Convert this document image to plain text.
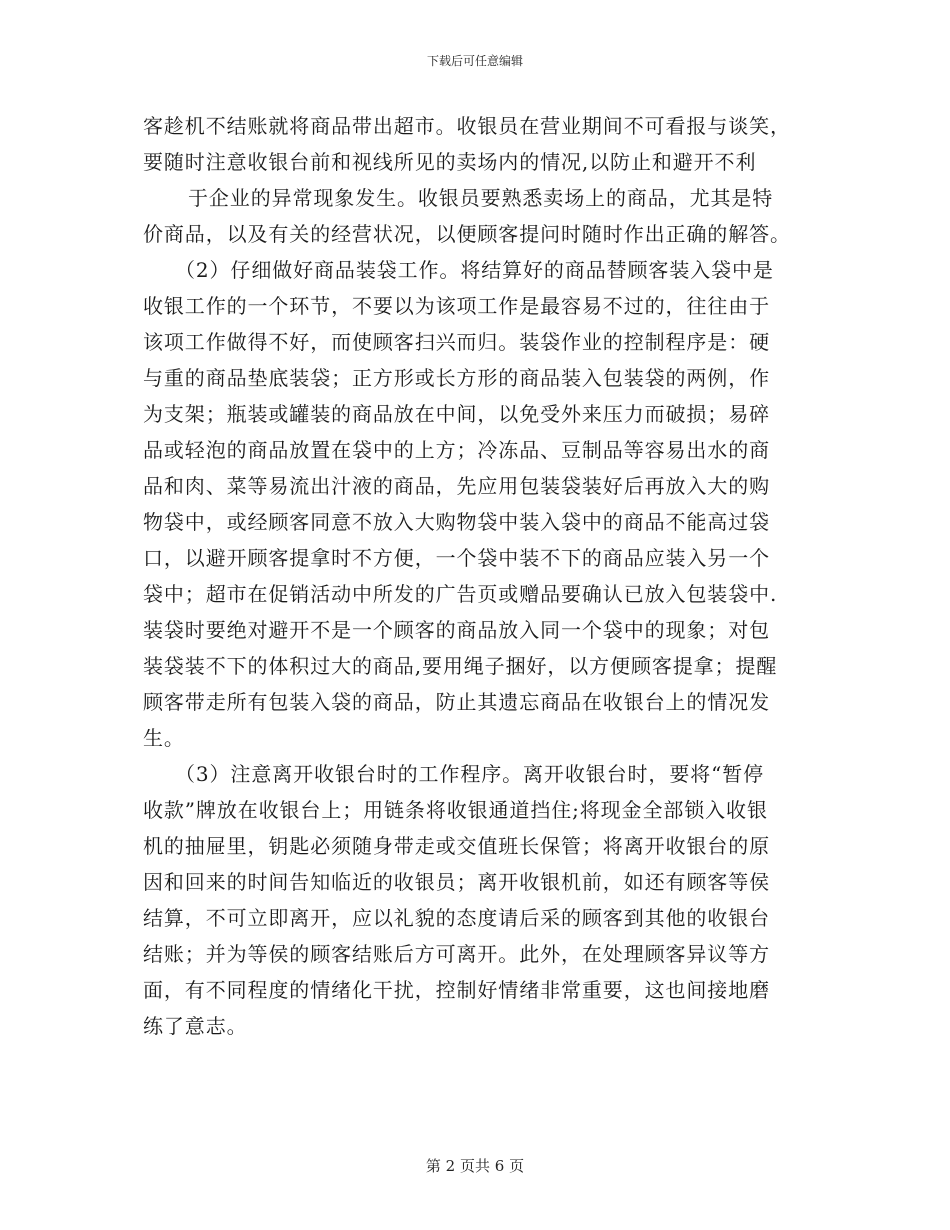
下载后可任意编辑
客趁机不结账就将商品带出超市。收银员在营业期间不可看报与谈笑，
要随时注意收银台前和视线所见的卖场内的情况,以防止和避开不利
于企业的异常现象发生。收银员要熟悉卖场上的商品，尤其是特
价商品，以及有关的经营状况，以便顾客提问时随时作出正确的解答。
（2）仔细做好商品装袋工作。将结算好的商品替顾客装入袋中是
收银工作的一个环节，不要以为该项工作是最容易不过的，往往由于
该项工作做得不好，而使顾客扫兴而归。装袋作业的控制程序是：硬
与重的商品垫底装袋；正方形或长方形的商品装入包装袋的两例，作
为支架；瓶装或罐装的商品放在中间，以免受外来压力而破损；易碎
品或轻泡的商品放置在袋中的上方；冷冻品、豆制品等容易出水的商
品和肉、菜等易流出汁液的商品，先应用包装袋装好后再放入大的购
物袋中，或经顾客同意不放入大购物袋中装入袋中的商品不能高过袋
口，以避开顾客提拿时不方便，一个袋中装不下的商品应装入另一个
袋中；超市在促销活动中所发的广告页或赠品要确认已放入包装袋中.
装袋时要绝对避开不是一个顾客的商品放入同一个袋中的现象；对包
装袋装不下的体积过大的商品,要用绳子捆好，以方便顾客提拿；提醒
顾客带走所有包装入袋的商品，防止其遗忘商品在收银台上的情况发
生。
（3）注意离开收银台时的工作程序。离开收银台时，要将“暂停
收款”牌放在收银台上；用链条将收银通道挡住;将现金全部锁入收银
机的抽屉里，钥匙必须随身带走或交值班长保管；将离开收银台的原
因和回来的时间告知临近的收银员；离开收银机前，如还有顾客等侯
结算，不可立即离开，应以礼貌的态度请后采的顾客到其他的收银台
结账；并为等侯的顾客结账后方可离开。此外，在处理顾客异议等方
面，有不同程度的情绪化干扰，控制好情绪非常重要，这也间接地磨
练了意志。
第 2 页共 6 页
